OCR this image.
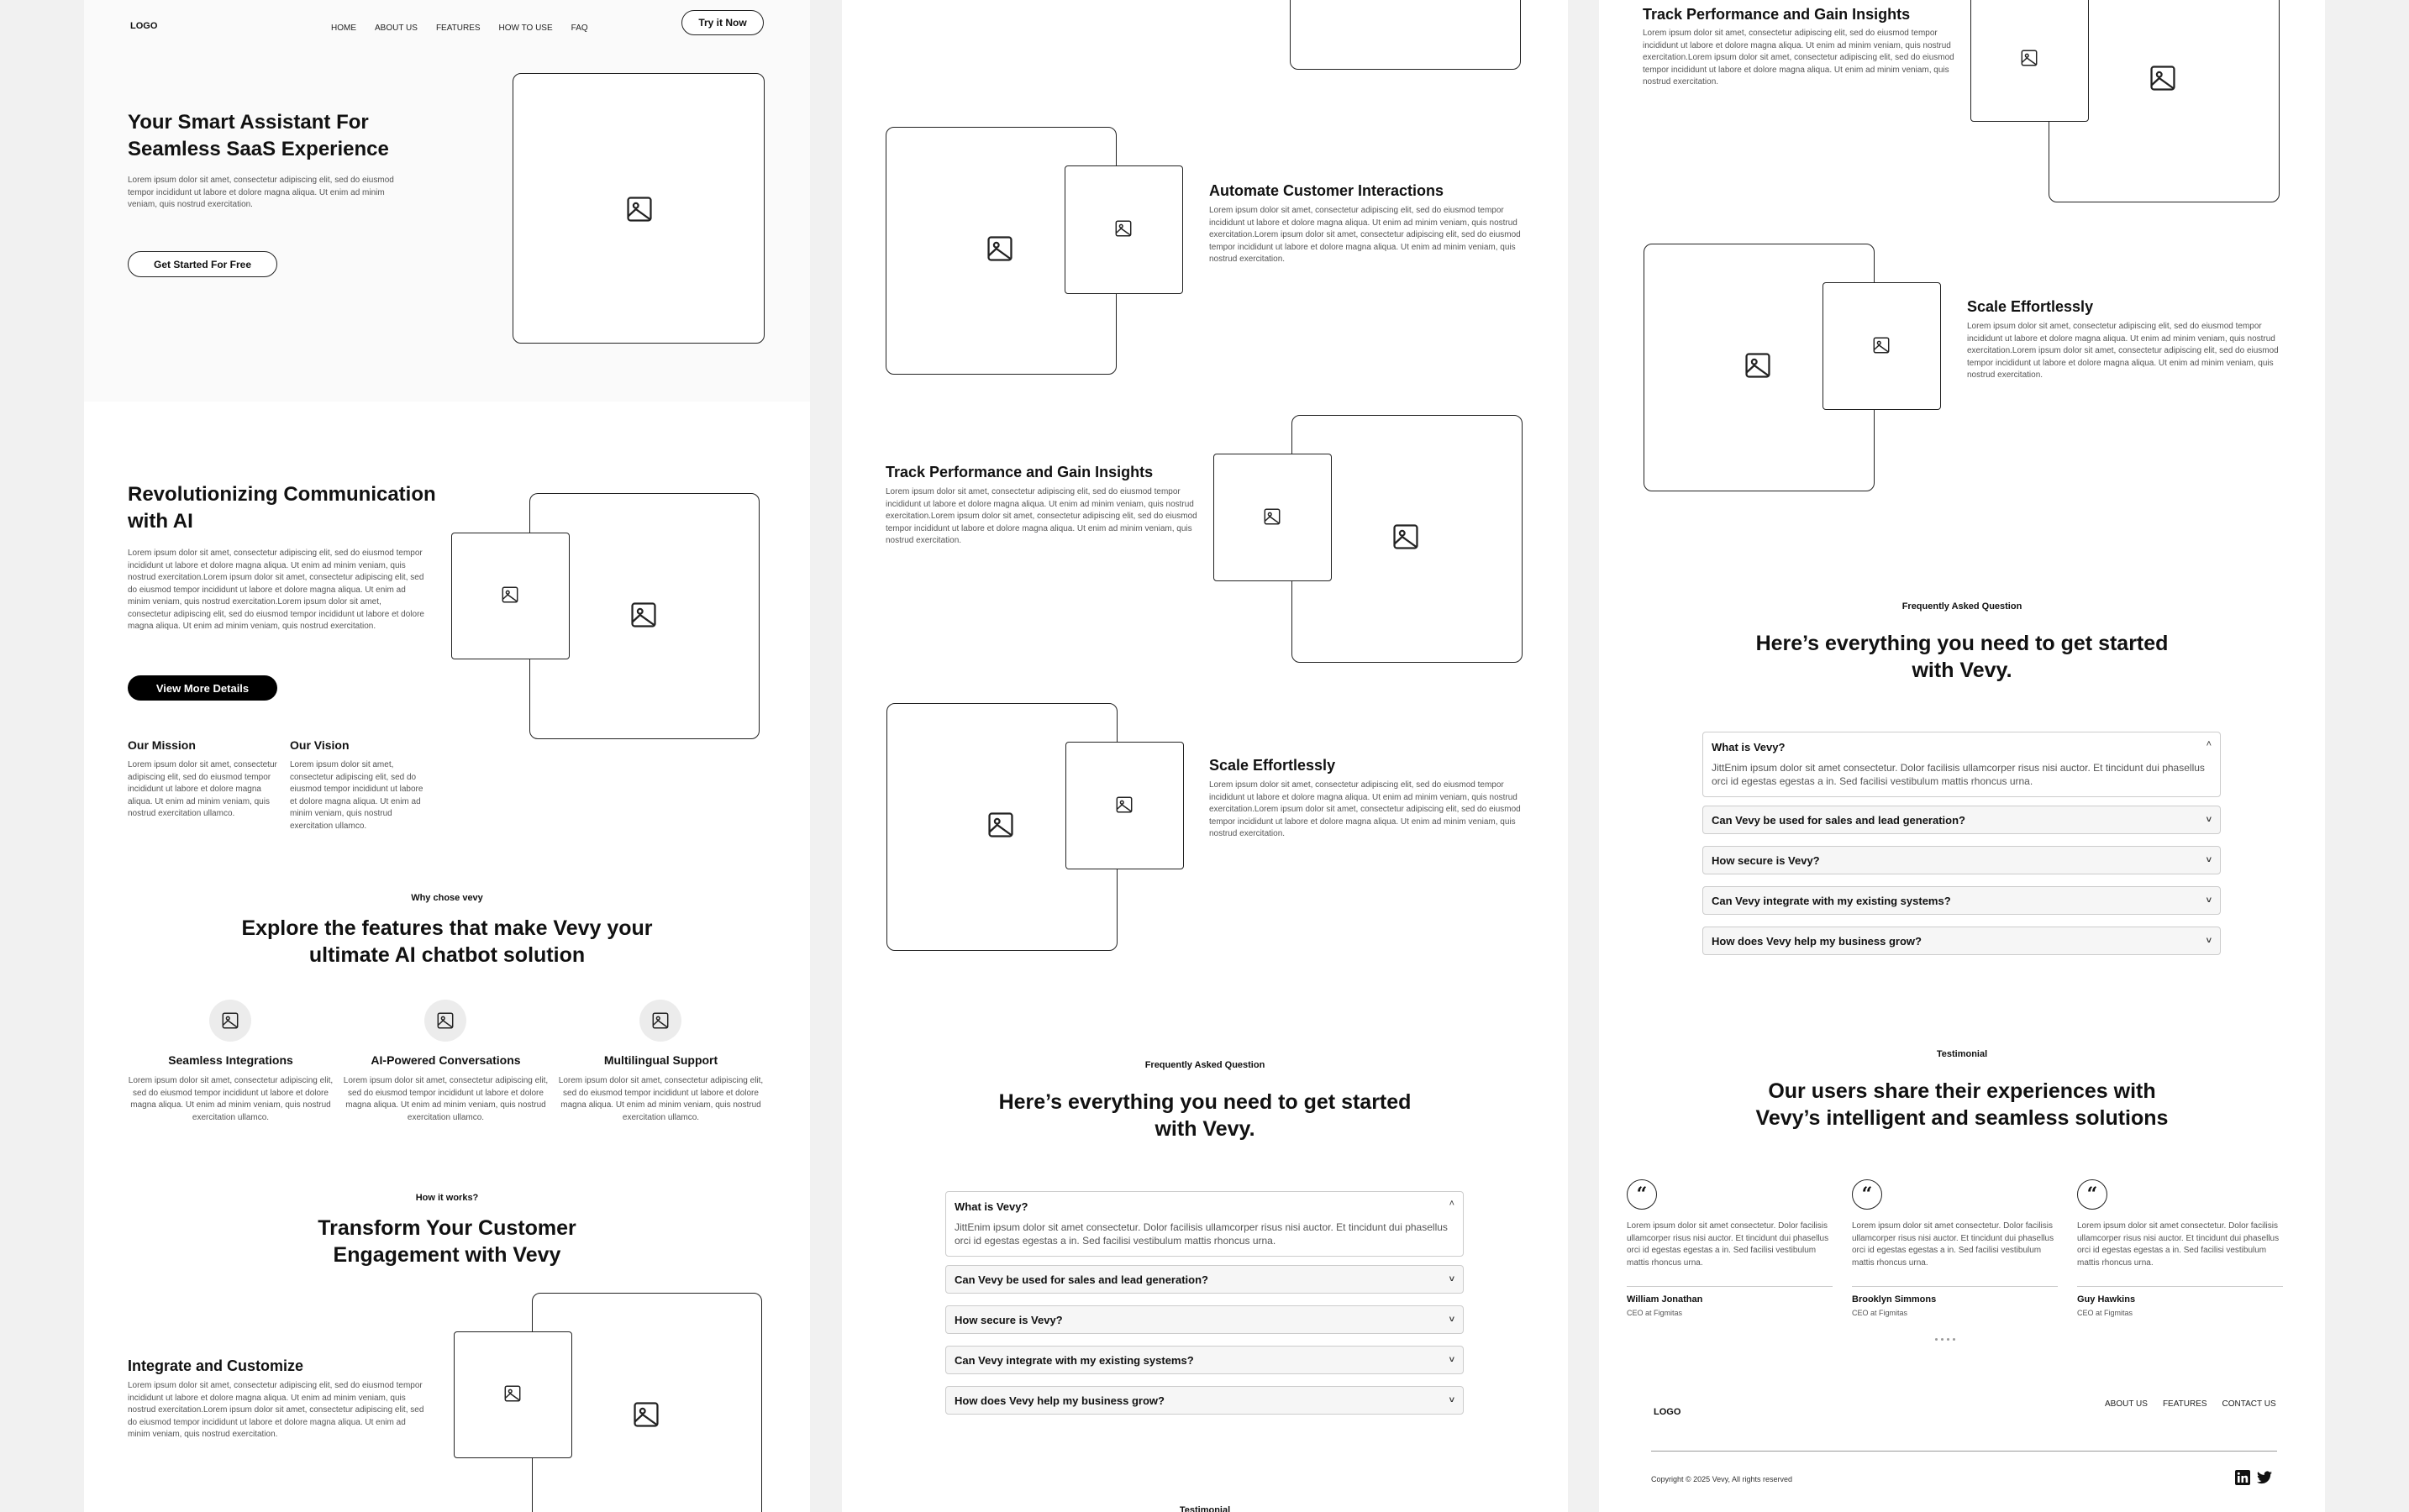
LOGO	HOME ABOUT US FEATURES HOW TO USE FAQ	Try it Now
Your Smart Assistant For Seamless SaaS Experience
Lorem ipsum dolor sit amet, consectetur adipiscing elit, sed do eiusmod tempor incididunt ut labore et dolore magna aliqua. Ut enim ad minim veniam, quis nostrud exercitation.
Get Started For Free
Revolutionizing Communication with AI
Lorem ipsum dolor sit amet, consectetur adipiscing elit, sed do eiusmod tempor incididunt ut labore et dolore magna aliqua. Ut enim ad minim veniam, quis nostrud exercitation.Lorem ipsum dolor sit amet, consectetur adipiscing elit, sed do eiusmod tempor incididunt ut labore et dolore magna aliqua. Ut enim ad minim veniam, quis nostrud exercitation.Lorem ipsum dolor sit amet, consectetur adipiscing elit, sed do eiusmod tempor incididunt ut labore et dolore magna aliqua. Ut enim ad minim veniam, quis nostrud exercitation.
View More Details
Our Mission
Lorem ipsum dolor sit amet, consectetur adipiscing elit, sed do eiusmod tempor incididunt ut labore et dolore magna aliqua. Ut enim ad minim veniam, quis nostrud exercitation ullamco.
Our Vision
Lorem ipsum dolor sit amet, consectetur adipiscing elit, sed do eiusmod tempor incididunt ut labore et dolore magna aliqua. Ut enim ad minim veniam, quis nostrud exercitation ullamco.
Why chose vevy
Explore the features that make Vevy your ultimate AI chatbot solution
Seamless Integrations	AI-Powered Conversations	Multilingual Support
Lorem ipsum dolor sit amet, consectetur adipiscing elit, sed do eiusmod tempor incididunt ut labore et dolore magna aliqua. Ut enim ad minim veniam, quis nostrud exercitation ullamco.
Lorem ipsum dolor sit amet, consectetur adipiscing elit, sed do eiusmod tempor incididunt ut labore et dolore magna aliqua. Ut enim ad minim veniam, quis nostrud exercitation ullamco.
Lorem ipsum dolor sit amet, consectetur adipiscing elit, sed do eiusmod tempor incididunt ut labore et dolore magna aliqua. Ut enim ad minim veniam, quis nostrud exercitation ullamco.
How it works?
Transform Your Customer Engagement with Vevy
Integrate and Customize
Lorem ipsum dolor sit amet, consectetur adipiscing elit, sed do eiusmod tempor incididunt ut labore et dolore magna aliqua. Ut enim ad minim veniam, quis nostrud exercitation.Lorem ipsum dolor sit amet, consectetur adipiscing elit, sed do eiusmod tempor incididunt ut labore et dolore magna aliqua. Ut enim ad minim veniam, quis nostrud exercitation.
Automate Customer Interactions
Lorem ipsum dolor sit amet, consectetur adipiscing elit, sed do eiusmod tempor incididunt ut labore et dolore magna aliqua. Ut enim ad minim veniam, quis nostrud exercitation.Lorem ipsum dolor sit amet, consectetur adipiscing elit, sed do eiusmod tempor incididunt ut labore et dolore magna aliqua. Ut enim ad minim veniam, quis nostrud exercitation.
Track Performance and Gain Insights
Lorem ipsum dolor sit amet, consectetur adipiscing elit, sed do eiusmod tempor incididunt ut labore et dolore magna aliqua. Ut enim ad minim veniam, quis nostrud exercitation.Lorem ipsum dolor sit amet, consectetur adipiscing elit, sed do eiusmod tempor incididunt ut labore et dolore magna aliqua. Ut enim ad minim veniam, quis nostrud exercitation.
Scale Effortlessly
Lorem ipsum dolor sit amet, consectetur adipiscing elit, sed do eiusmod tempor incididunt ut labore et dolore magna aliqua. Ut enim ad minim veniam, quis nostrud exercitation.Lorem ipsum dolor sit amet, consectetur adipiscing elit, sed do eiusmod tempor incididunt ut labore et dolore magna aliqua. Ut enim ad minim veniam, quis nostrud exercitation.
Frequently Asked Question
Here’s everything you need to get started with Vevy.
What is Vevy?	˄
JittEnim ipsum dolor sit amet consectetur. Dolor facilisis ullamcorper risus nisi auctor. Et tincidunt dui phasellus orci id egestas egestas a in. Sed facilisi vestibulum mattis rhoncus urna.
Can Vevy be used for sales and lead generation?	˅
How secure is Vevy?	˅
Can Vevy integrate with my existing systems?	˅
How does Vevy help my business grow?	˅
Testimonial
Track Performance and Gain Insights
Lorem ipsum dolor sit amet, consectetur adipiscing elit, sed do eiusmod tempor incididunt ut labore et dolore magna aliqua. Ut enim ad minim veniam, quis nostrud exercitation.Lorem ipsum dolor sit amet, consectetur adipiscing elit, sed do eiusmod tempor incididunt ut labore et dolore magna aliqua. Ut enim ad minim veniam, quis nostrud exercitation.
Scale Effortlessly
Lorem ipsum dolor sit amet, consectetur adipiscing elit, sed do eiusmod tempor incididunt ut labore et dolore magna aliqua. Ut enim ad minim veniam, quis nostrud exercitation.Lorem ipsum dolor sit amet, consectetur adipiscing elit, sed do eiusmod tempor incididunt ut labore et dolore magna aliqua. Ut enim ad minim veniam, quis nostrud exercitation.
Frequently Asked Question
Here’s everything you need to get started with Vevy.
What is Vevy?	˄
JittEnim ipsum dolor sit amet consectetur. Dolor facilisis ullamcorper risus nisi auctor. Et tincidunt dui phasellus orci id egestas egestas a in. Sed facilisi vestibulum mattis rhoncus urna.
Can Vevy be used for sales and lead generation?	˅
How secure is Vevy?	˅
Can Vevy integrate with my existing systems?	˅
How does Vevy help my business grow?	˅
Testimonial
Our users share their experiences with Vevy’s intelligent and seamless solutions
“
Lorem ipsum dolor sit amet consectetur. Dolor facilisis ullamcorper risus nisi auctor. Et tincidunt dui phasellus orci id egestas egestas a in. Sed facilisi vestibulum mattis rhoncus urna.
William Jonathan
CEO at Figmitas
“
Lorem ipsum dolor sit amet consectetur. Dolor facilisis ullamcorper risus nisi auctor. Et tincidunt dui phasellus orci id egestas egestas a in. Sed facilisi vestibulum mattis rhoncus urna.
Brooklyn Simmons
CEO at Figmitas
“
Lorem ipsum dolor sit amet consectetur. Dolor facilisis ullamcorper risus nisi auctor. Et tincidunt dui phasellus orci id egestas egestas a in. Sed facilisi vestibulum mattis rhoncus urna.
Guy Hawkins
CEO at Figmitas
LOGO
ABOUT US FEATURES CONTACT US
Copyright © 2025 Vevy, All rights reserved
